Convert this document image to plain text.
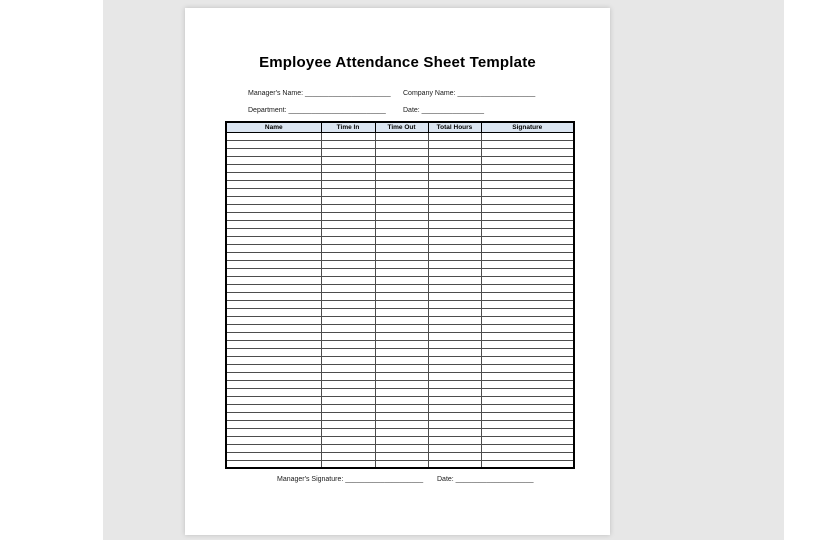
Employee Attendance Sheet Template
Manager's Name: ______________________ Company Name: ____________________
Department: _________________________ Date: ________________
Name	Time In	Time Out	Total Hours	Signature

Manager's Signature: ____________________ Date: ____________________
